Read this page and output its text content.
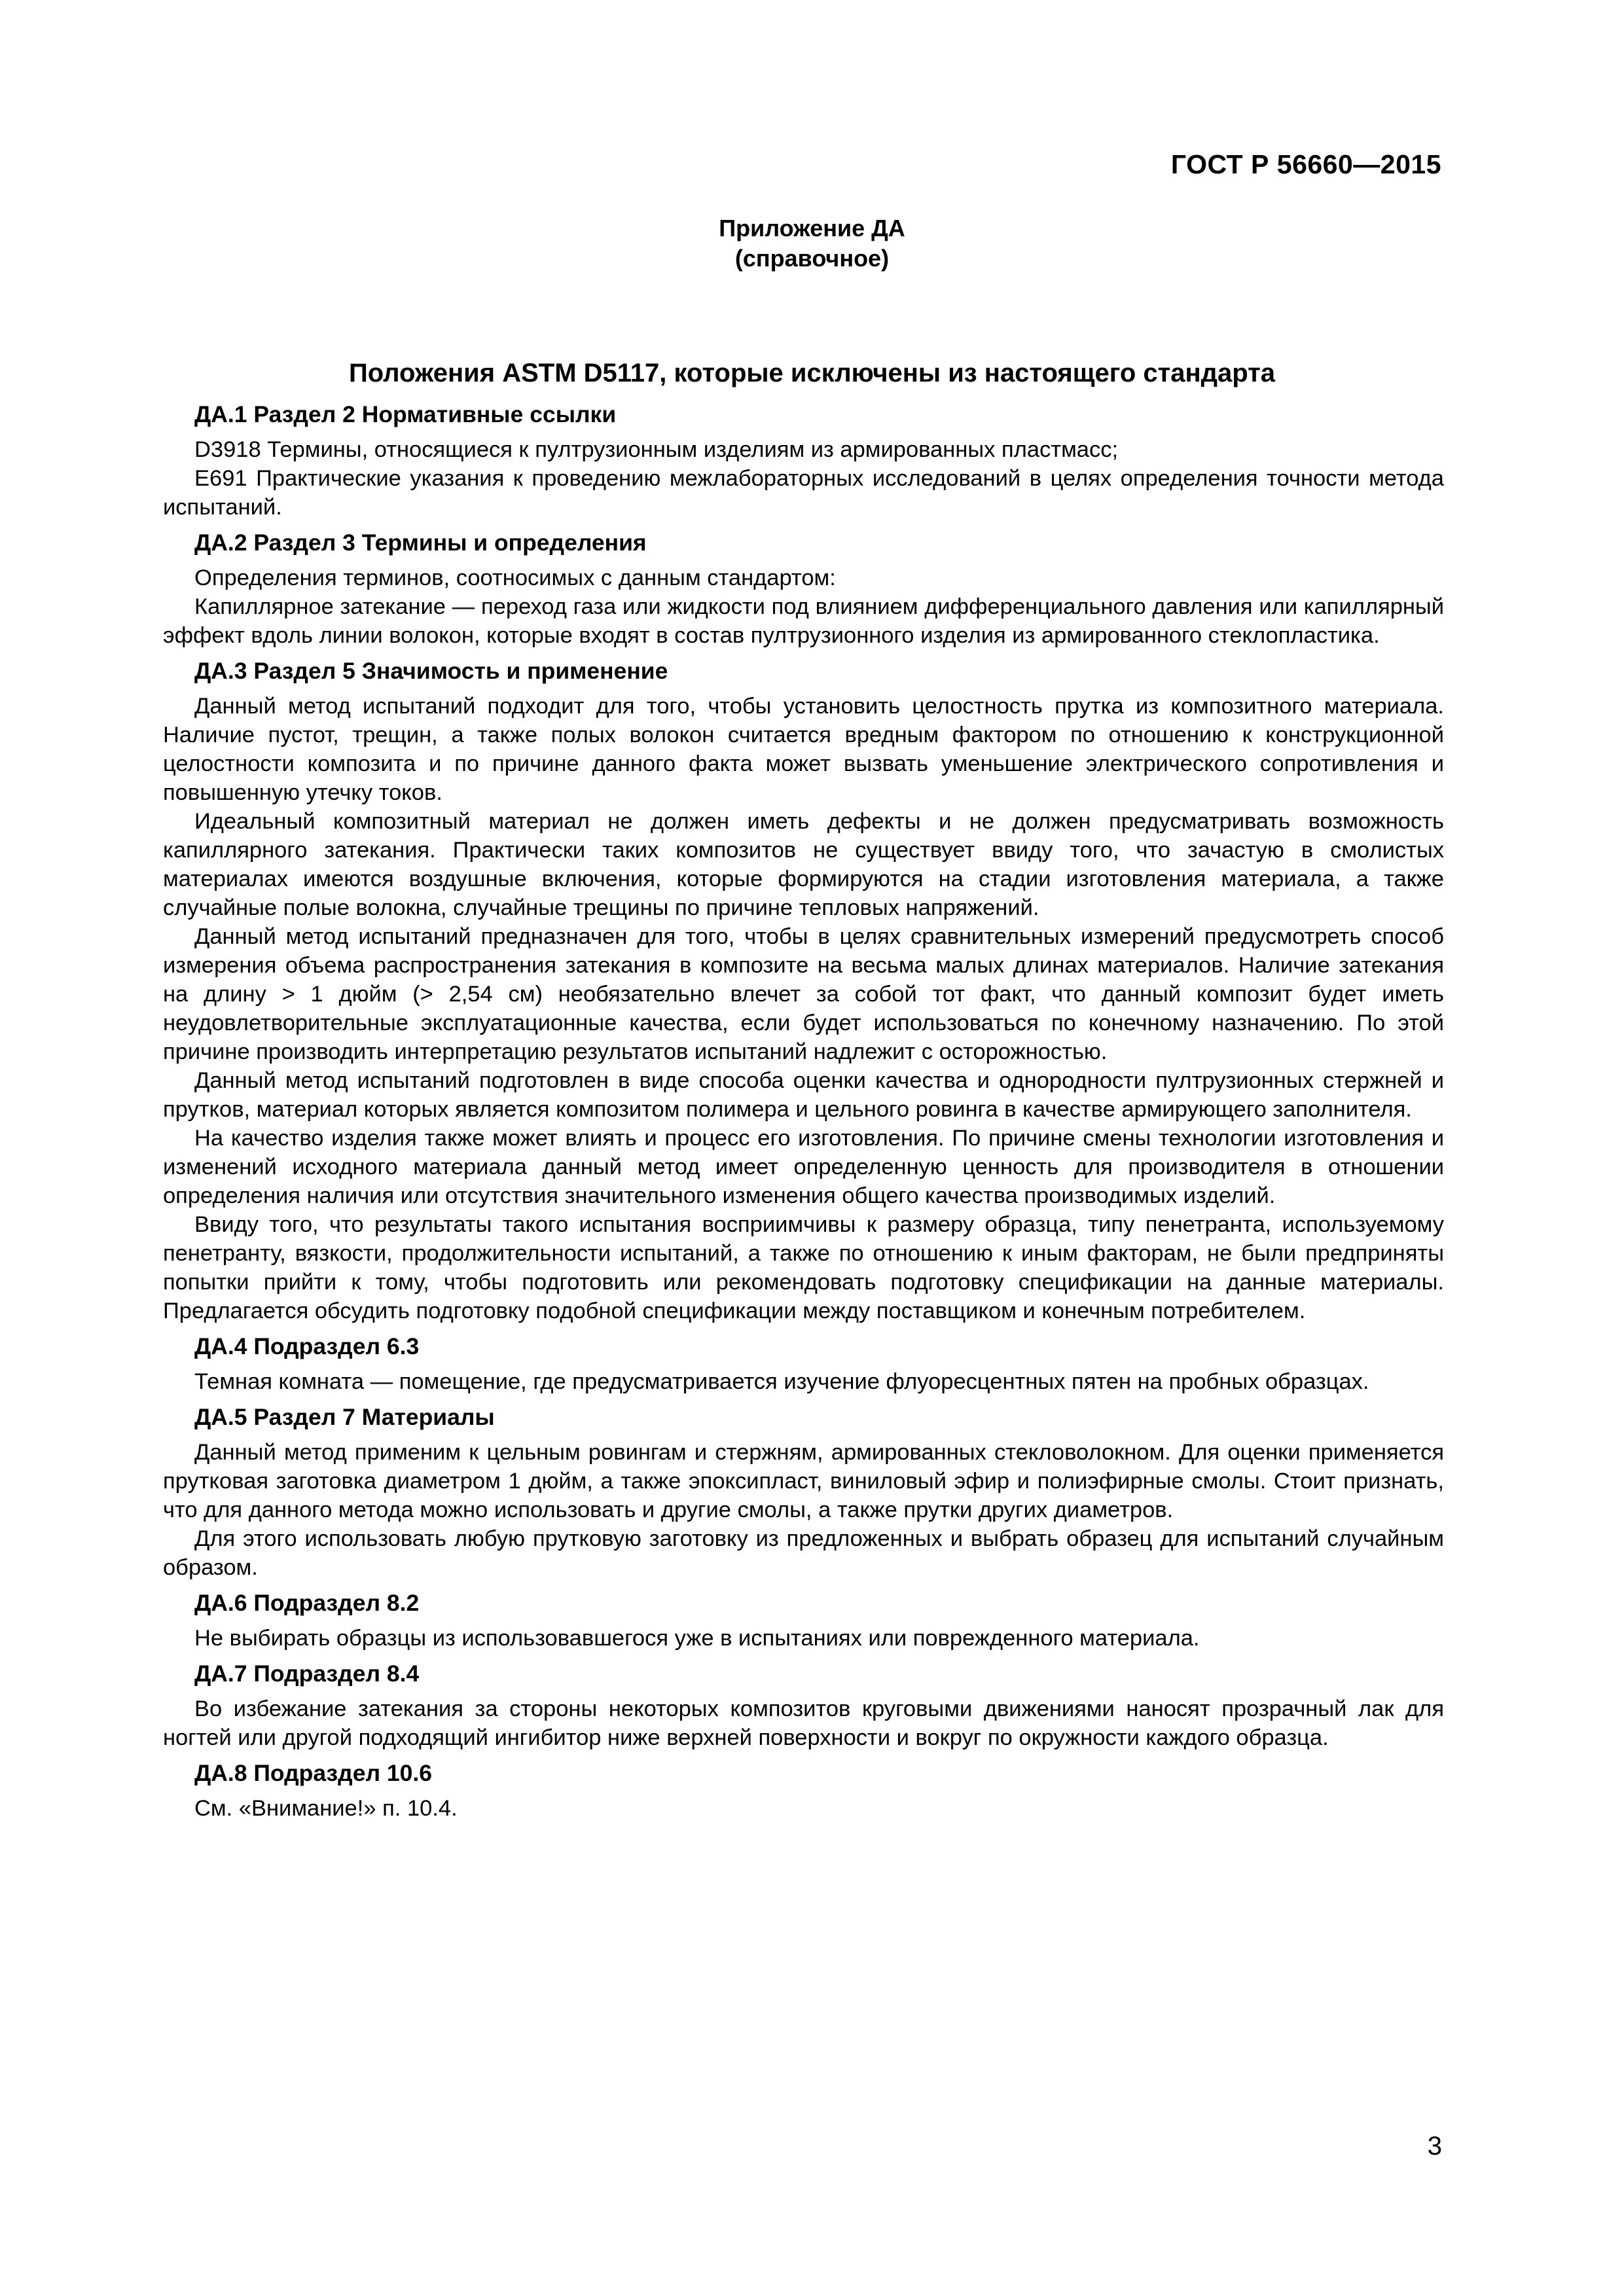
ГОСТ Р 56660—2015
Приложение ДА
(справочное)
Положения ASTM D5117, которые исключены из настоящего стандарта
ДА.1 Раздел 2 Нормативные ссылки

D3918 Термины, относящиеся к пултрузионным изделиям из армированных пластмасс;

E691 Практические указания к проведению межлабораторных исследований в целях определения точности метода испытаний.

ДА.2 Раздел 3 Термины и определения

Определения терминов, соотносимых с данным стандартом:

Капиллярное затекание — переход газа или жидкости под влиянием дифференциального давления или капиллярный эффект вдоль линии волокон, которые входят в состав пултрузионного изделия из армированного стеклопластика.

ДА.3 Раздел 5 Значимость и применение

Данный метод испытаний подходит для того, чтобы установить целостность прутка из композитного материала. Наличие пустот, трещин, а также полых волокон считается вредным фактором по отношению к конструкционной целостности композита и по причине данного факта может вызвать уменьшение электрического сопротивления и повышенную утечку токов.

Идеальный композитный материал не должен иметь дефекты и не должен предусматривать возможность капиллярного затекания. Практически таких композитов не существует ввиду того, что зачастую в смолистых материалах имеются воздушные включения, которые формируются на стадии изготовления материала, а также случайные полые волокна, случайные трещины по причине тепловых напряжений.

Данный метод испытаний предназначен для того, чтобы в целях сравнительных измерений предусмотреть способ измерения объема распространения затекания в композите на весьма малых длинах материалов. Наличие затекания на длину > 1 дюйм (> 2,54 см) необязательно влечет за собой тот факт, что данный композит будет иметь неудовлетворительные эксплуатационные качества, если будет использоваться по конечному назначению. По этой причине производить интерпретацию результатов испытаний надлежит с осторожностью.

Данный метод испытаний подготовлен в виде способа оценки качества и однородности пултрузионных стержней и прутков, материал которых является композитом полимера и цельного ровинга в качестве армирующего заполнителя.

На качество изделия также может влиять и процесс его изготовления. По причине смены технологии изготовления и изменений исходного материала данный метод имеет определенную ценность для производителя в отношении определения наличия или отсутствия значительного изменения общего качества производимых изделий.

Ввиду того, что результаты такого испытания восприимчивы к размеру образца, типу пенетранта, используемому пенетранту, вязкости, продолжительности испытаний, а также по отношению к иным факторам, не были предприняты попытки прийти к тому, чтобы подготовить или рекомендовать подготовку спецификации на данные материалы. Предлагается обсудить подготовку подобной спецификации между поставщиком и конечным потребителем.

ДА.4 Подраздел 6.3

Темная комната — помещение, где предусматривается изучение флуоресцентных пятен на пробных образцах.

ДА.5 Раздел 7 Материалы

Данный метод применим к цельным ровингам и стержням, армированных стекловолокном. Для оценки применяется прутковая заготовка диаметром 1 дюйм, а также эпоксипласт, виниловый эфир и полиэфирные смолы. Стоит признать, что для данного метода можно использовать и другие смолы, а также прутки других диаметров.

Для этого использовать любую прутковую заготовку из предложенных и выбрать образец для испытаний случайным образом.

ДА.6 Подраздел 8.2

Не выбирать образцы из использовавшегося уже в испытаниях или поврежденного материала.

ДА.7 Подраздел 8.4

Во избежание затекания за стороны некоторых композитов круговыми движениями наносят прозрачный лак для ногтей или другой подходящий ингибитор ниже верхней поверхности и вокруг по окружности каждого образца.

ДА.8 Подраздел 10.6

См. «Внимание!» п. 10.4.

3
